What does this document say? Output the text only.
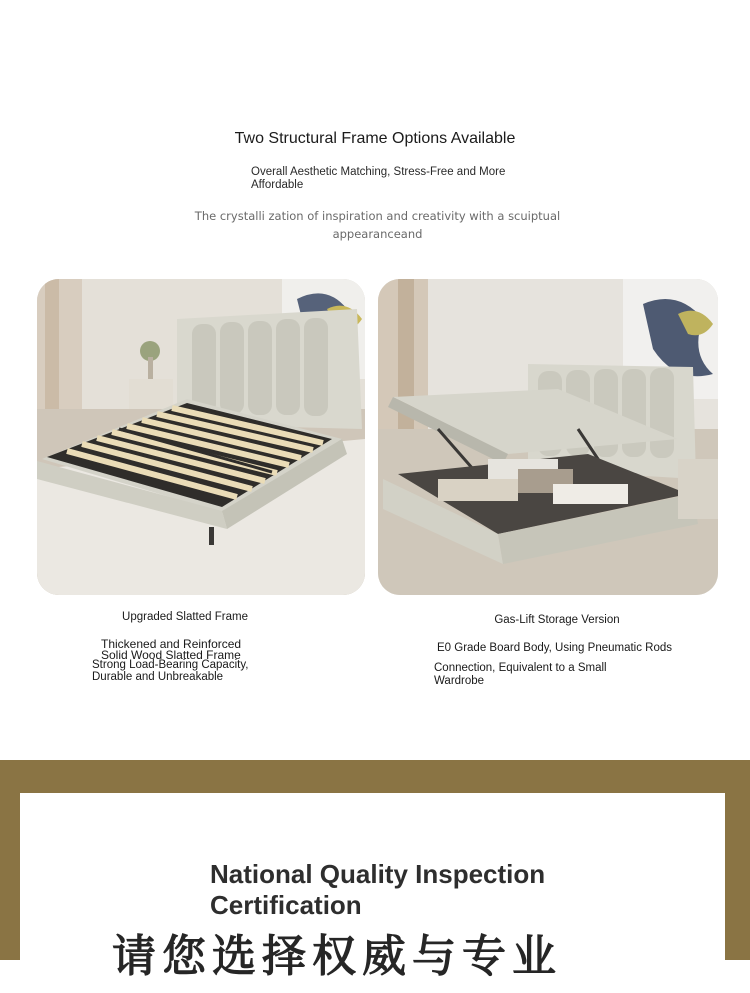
Two Structural Frame Options Available
Overall Aesthetic Matching, Stress-Free and More Affordable
The crystalli zation of inspiration and creativity with a scuiptual appearanceand
Upgraded Slatted Frame
Thickened and Reinforced
Solid Wood Slatted Frame
Strong Load-Bearing Capacity,
Durable and Unbreakable
Gas-Lift Storage Version
E0 Grade Board Body, Using Pneumatic Rods
Connection, Equivalent to a Small Wardrobe
National Quality Inspection Certification
请您选择权威与专业
